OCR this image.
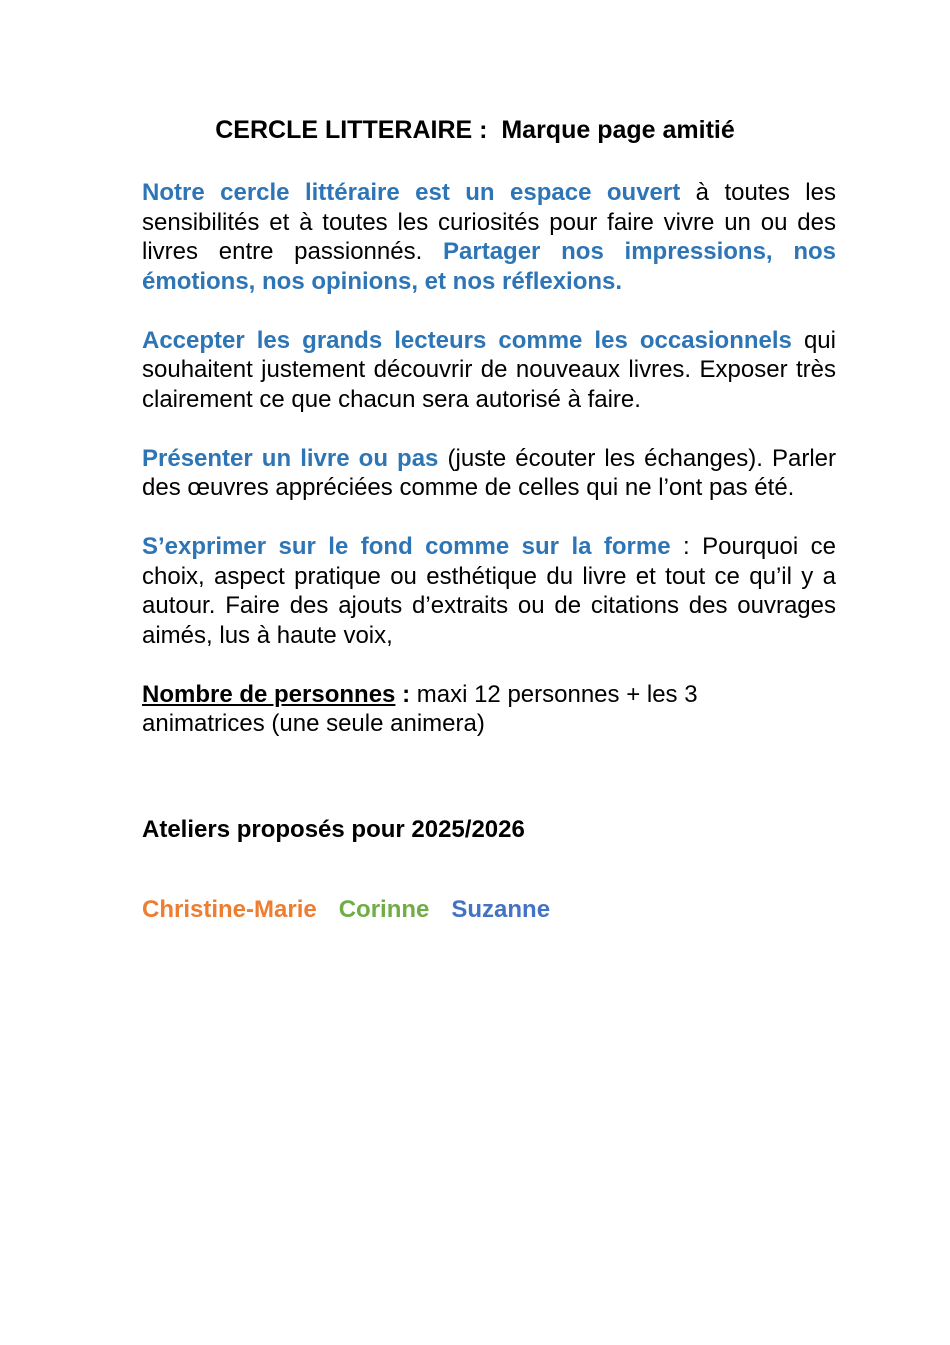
CERCLE LITTERAIRE :  Marque page amitié

Notre cercle littéraire est un espace ouvert à toutes les sensibilités et à toutes les curiosités pour faire vivre un ou des livres entre passionnés. Partager nos impressions, nos émotions, nos opinions, et nos réflexions.

Accepter les grands lecteurs comme les occasionnels qui souhaitent justement découvrir de nouveaux livres. Exposer très clairement ce que chacun sera autorisé à faire.

Présenter un livre ou pas (juste écouter les échanges). Parler des œuvres appréciées comme de celles qui ne l’ont pas été.

S’exprimer sur le fond comme sur la forme : Pourquoi ce choix, aspect pratique ou esthétique du livre et tout ce qu’il y a autour. Faire des ajouts d’extraits ou de citations des ouvrages aimés, lus à haute voix,

Nombre de personnes : maxi 12 personnes + les 3
animatrices (une seule animera)

Ateliers proposés pour 2025/2026
Christine-Marie Corinne Suzanne
